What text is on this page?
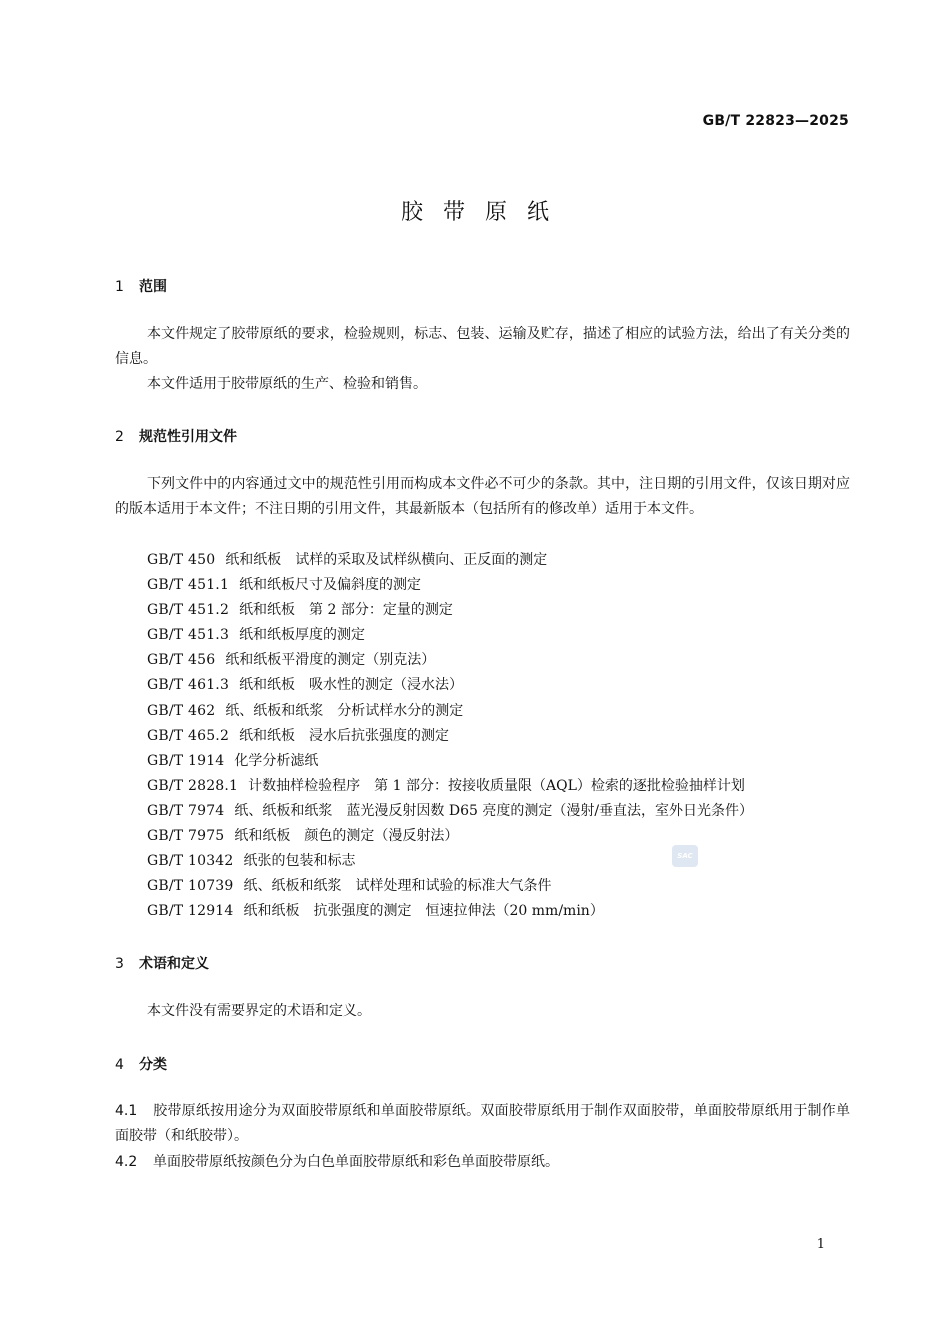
GB/T 22823—2025
胶带原纸
1 范围
本文件规定了胶带原纸的要求，检验规则，标志、包装、运输及贮存，描述了相应的试验方法，给出了有关分类的信息。
本文件适用于胶带原纸的生产、检验和销售。
2 规范性引用文件
下列文件中的内容通过文中的规范性引用而构成本文件必不可少的条款。其中，注日期的引用文件，仅该日期对应的版本适用于本文件；不注日期的引用文件，其最新版本（包括所有的修改单）适用于本文件。
GB/T 450 纸和纸板　试样的采取及试样纵横向、正反面的测定
GB/T 451.1 纸和纸板尺寸及偏斜度的测定
GB/T 451.2 纸和纸板　第 2 部分：定量的测定
GB/T 451.3 纸和纸板厚度的测定
GB/T 456 纸和纸板平滑度的测定（别克法）
GB/T 461.3 纸和纸板　吸水性的测定（浸水法）
GB/T 462 纸、纸板和纸浆　分析试样水分的测定
GB/T 465.2 纸和纸板　浸水后抗张强度的测定
GB/T 1914 化学分析滤纸
GB/T 2828.1 计数抽样检验程序　第 1 部分：按接收质量限（AQL）检索的逐批检验抽样计划
GB/T 7974 纸、纸板和纸浆　蓝光漫反射因数 D65 亮度的测定（漫射/垂直法，室外日光条件）
GB/T 7975 纸和纸板　颜色的测定（漫反射法）
GB/T 10342 纸张的包装和标志
GB/T 10739 纸、纸板和纸浆　试样处理和试验的标准大气条件
GB/T 12914 纸和纸板　抗张强度的测定　恒速拉伸法（20 mm/min）
SAC
3 术语和定义
本文件没有需要界定的术语和定义。
4 分类
4.1 胶带原纸按用途分为双面胶带原纸和单面胶带原纸。双面胶带原纸用于制作双面胶带，单面胶带原纸用于制作单面胶带（和纸胶带）。
4.2 单面胶带原纸按颜色分为白色单面胶带原纸和彩色单面胶带原纸。
1
